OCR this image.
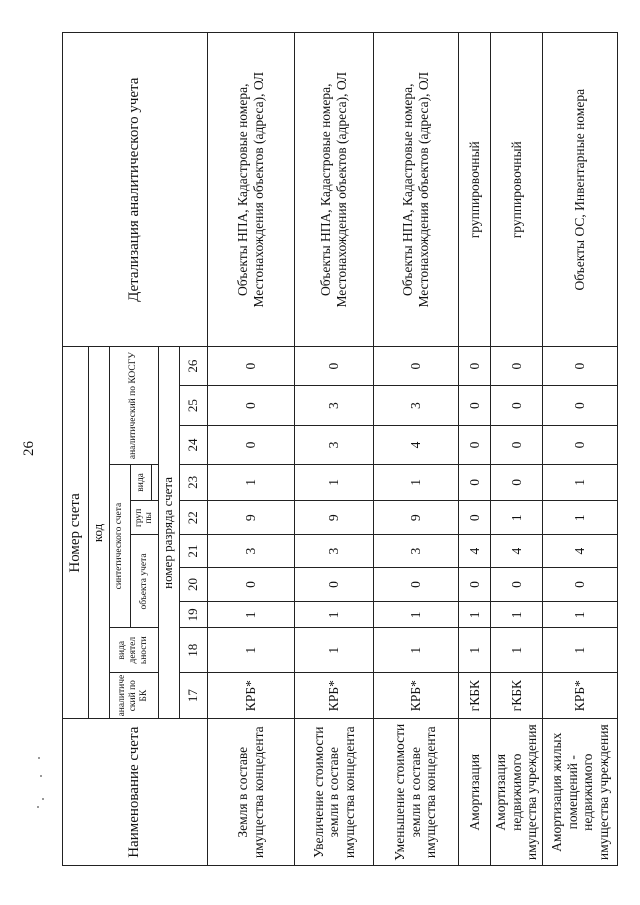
26
Наименование счета	Номер счета										Детализация аналитического учета
	код										
	аналитиче ский по БК	вида деятел ьности	синтетического счета					аналитический по КОСГУ			
			объекта учета			груп пы	вида				

	номер разряда счета										
	17	18	19	20	21	22	23	24	25	26	
Земля в составе имущества концедента	КРБ*	1	1	0	3	9	1	0	0	0	Объекты НПА, Кадастровые номера, Местонахождения объектов (адреса), ОЛ
Увеличение стоимости земли в составе имущества концедента	КРБ*	1	1	0	3	9	1	3	3	0	Объекты НПА, Кадастровые номера, Местонахождения объектов (адреса), ОЛ
Уменьшение стоимости земли в составе имущества концедента	КРБ*	1	1	0	3	9	1	4	3	0	Объекты НПА, Кадастровые номера, Местонахождения объектов (адреса), ОЛ
Амортизация	гКБК	1	1	0	4	0	0	0	0	0	группировочный
Амортизация недвижимого имущества учреждения	гКБК	1	1	0	4	1	0	0	0	0	группировочный
Амортизация жилых помещений - недвижимого имущества учреждения	КРБ*	1	1	0	4	1	1	0	0	0	Объекты ОС, Инвентарные номера
